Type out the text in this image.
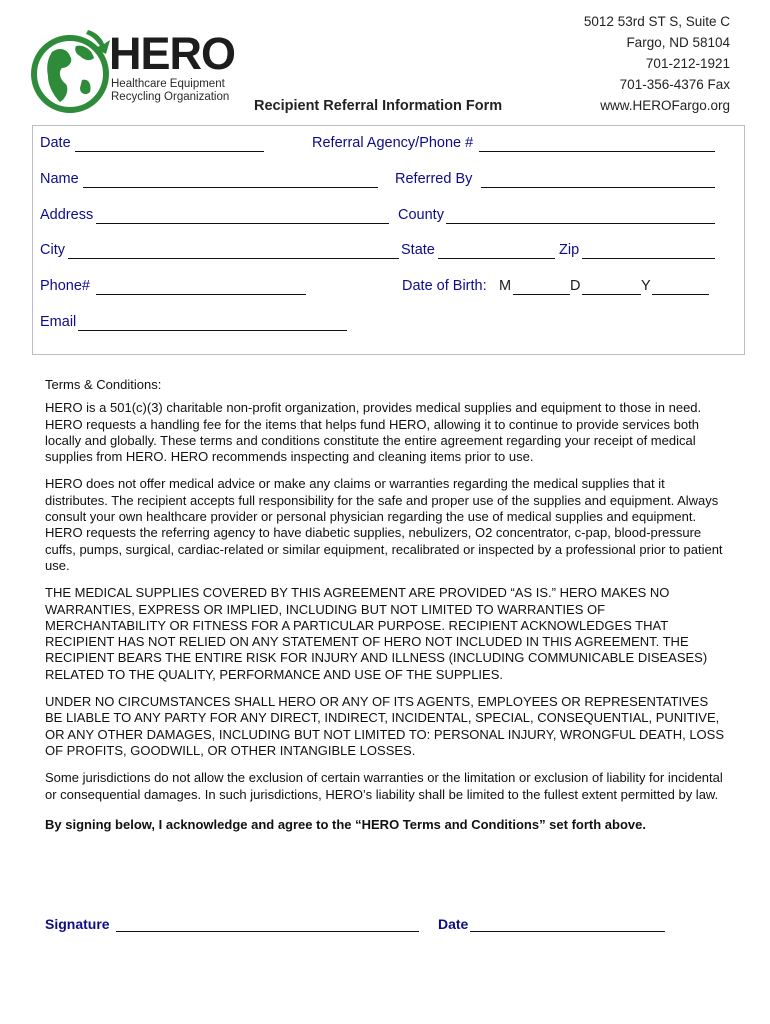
HERO
Healthcare Equipment
Recycling Organization
5012 53rd ST S, Suite C
Fargo, ND 58104
701-212-1921
701-356-4376 Fax
www.HEROFargo.org
Recipient Referral Information Form
Date	Referral Agency/Phone #
Name	Referred By
Address	County
City	State	Zip
Phone#	Date of Birth: M	D	Y
Email

Terms & Conditions:

HERO is a 501(c)(3) charitable non-profit organization, provides medical supplies and equipment to those in need. HERO requests a handling fee for the items that helps fund HERO, allowing it to continue to provide services both locally and globally. These terms and conditions constitute the entire agreement regarding your receipt of medical supplies from HERO. HERO recommends inspecting and cleaning items prior to use.

HERO does not offer medical advice or make any claims or warranties regarding the medical supplies that it distributes. The recipient accepts full responsibility for the safe and proper use of the supplies and equipment. Always consult your own healthcare provider or personal physician regarding the use of medical supplies and equipment. HERO requests the referring agency to have diabetic supplies, nebulizers, O2 concentrator, c-pap, blood-pressure cuffs, pumps, surgical, cardiac-related or similar equipment, recalibrated or inspected by a professional prior to patient use.

THE MEDICAL SUPPLIES COVERED BY THIS AGREEMENT ARE PROVIDED “AS IS.” HERO MAKES NO WARRANTIES, EXPRESS OR IMPLIED, INCLUDING BUT NOT LIMITED TO WARRANTIES OF MERCHANTABILITY OR FITNESS FOR A PARTICULAR PURPOSE. RECIPIENT ACKNOWLEDGES THAT RECIPIENT HAS NOT RELIED ON ANY STATEMENT OF HERO NOT INCLUDED IN THIS AGREEMENT. THE RECIPIENT BEARS THE ENTIRE RISK FOR INJURY AND ILLNESS (INCLUDING COMMUNICABLE DISEASES) RELATED TO THE QUALITY, PERFORMANCE AND USE OF THE SUPPLIES.

UNDER NO CIRCUMSTANCES SHALL HERO OR ANY OF ITS AGENTS, EMPLOYEES OR REPRESENTATIVES BE LIABLE TO ANY PARTY FOR ANY DIRECT, INDIRECT, INCIDENTAL, SPECIAL, CONSEQUENTIAL, PUNITIVE, OR ANY OTHER DAMAGES, INCLUDING BUT NOT LIMITED TO: PERSONAL INJURY, WRONGFUL DEATH, LOSS OF PROFITS, GOODWILL, OR OTHER INTANGIBLE LOSSES.

Some jurisdictions do not allow the exclusion of certain warranties or the limitation or exclusion of liability for incidental or consequential damages. In such jurisdictions, HERO’s liability shall be limited to the fullest extent permitted by law.

By signing below, I acknowledge and agree to the “HERO Terms and Conditions” set forth above.

Signature	Date
